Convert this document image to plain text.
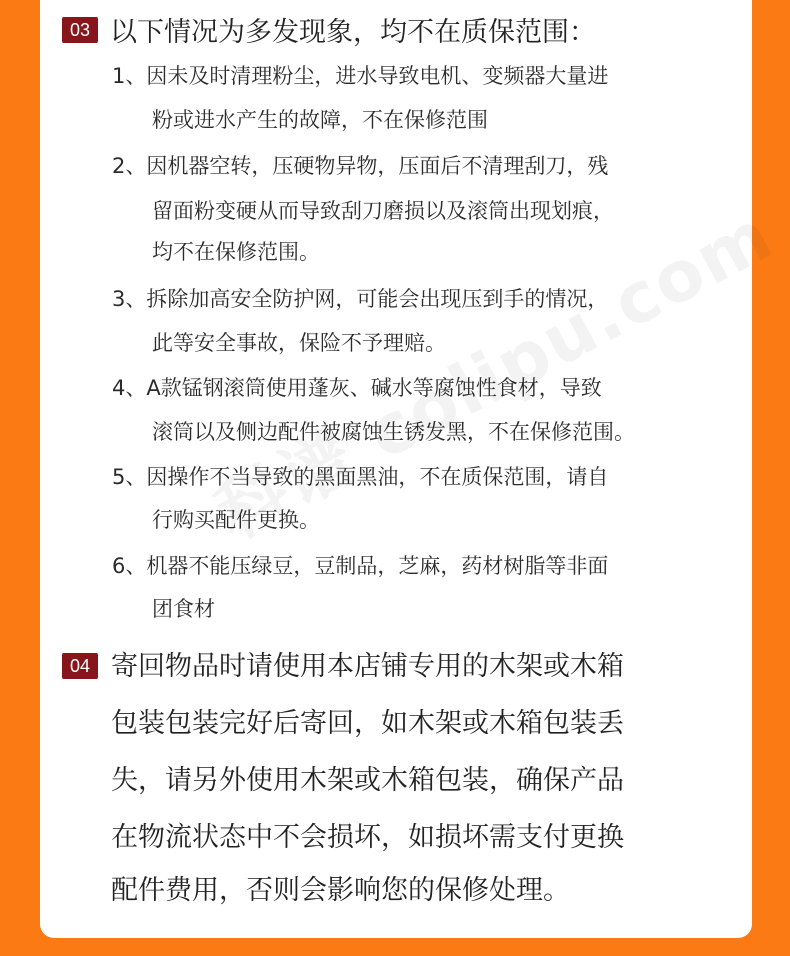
03 以下情况为多发现象，均不在质保范围：
1、因未及时清理粉尘，进水导致电机、变频器大量进
粉或进水产生的故障，不在保修范围
2、因机器空转，压硬物异物，压面后不清理刮刀，残
留面粉变硬从而导致刮刀磨损以及滚筒出现划痕，
均不在保修范围。
3、拆除加高安全防护网，可能会出现压到手的情况，
此等安全事故，保险不予理赔。
4、A款锰钢滚筒使用蓬灰、碱水等腐蚀性食材，导致
滚筒以及侧边配件被腐蚀生锈发黑，不在保修范围。
5、因操作不当导致的黑面黑油，不在质保范围，请自
行购买配件更换。
6、机器不能压绿豆，豆制品，芝麻，药材树脂等非面
团食材
04 寄回物品时请使用本店铺专用的木架或木箱
包装包装完好后寄回，如木架或木箱包装丢
失，请另外使用木架或木箱包装，确保产品
在物流状态中不会损坏，如损坏需支付更换
配件费用，否则会影响您的保修处理。
